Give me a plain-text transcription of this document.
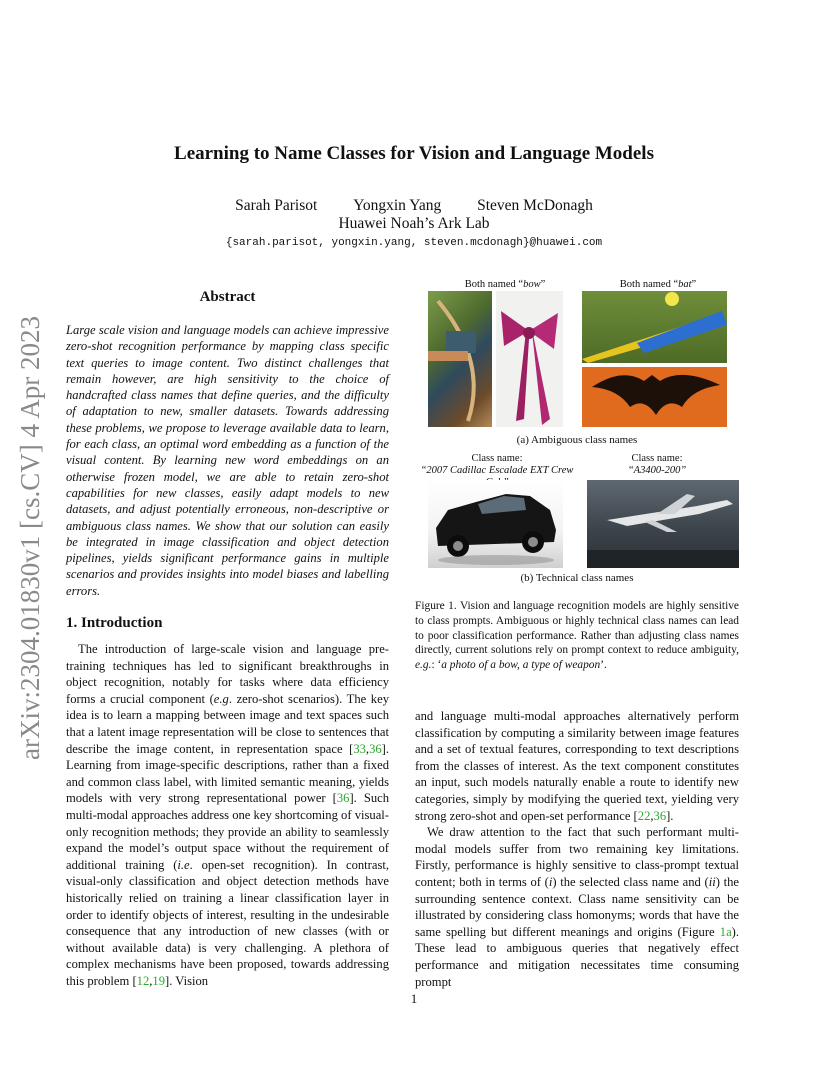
Learning to Name Classes for Vision and Language Models
Sarah Parisot Yongxin Yang Steven McDonagh
Huawei Noah’s Ark Lab
{sarah.parisot, yongxin.yang, steven.mcdonagh}@huawei.com
arXiv:2304.01830v1 [cs.CV] 4 Apr 2023
Abstract
Large scale vision and language models can achieve impressive zero-shot recognition performance by mapping class specific text queries to image content. Two distinct challenges that remain however, are high sensitivity to the choice of handcrafted class names that define queries, and the difficulty of adaptation to new, smaller datasets. Towards addressing these problems, we propose to leverage available data to learn, for each class, an optimal word embedding as a function of the visual content. By learning new word embeddings on an otherwise frozen model, we are able to retain zero-shot capabilities for new classes, easily adapt models to new datasets, and adjust potentially erroneous, non-descriptive or ambiguous class names. We show that our solution can easily be integrated in image classification and object detection pipelines, yields significant performance gains in multiple scenarios and provides insights into model biases and labelling errors.
1. Introduction

The introduction of large-scale vision and language pre-training techniques has led to significant breakthroughs in object recognition, notably for tasks where data efficiency forms a crucial component (e.g. zero-shot scenarios). The key idea is to learn a mapping between image and text spaces such that a latent image representation will be close to sentences that describe the image content, in representation space [33,36]. Learning from image-specific descriptions, rather than a fixed and common class label, with limited semantic meaning, yields models with very strong representational power [36]. Such multi-modal approaches address one key shortcoming of visual-only recognition methods; they provide an ability to seamlessly expand the model’s output space without the requirement of additional training (i.e. open-set recognition). In contrast, visual-only classification and object detection methods have historically relied on training a linear classification layer in order to identify objects of interest, resulting in the undesirable consequence that any introduction of new classes (with or without available data) is very challenging. A plethora of complex mechanisms have been proposed, towards addressing this problem [12,19]. Vision

Both named “bow”	Both named “bat”
(a) Ambiguous class names
Class name:
“2007 Cadillac Escalade EXT Crew
Class name:
“A3400-200”
(b) Technical class names
Figure 1. Vision and language recognition models are highly sensitive to class prompts. Ambiguous or highly technical class names can lead to poor classification performance. Rather than adjusting class names directly, current solutions rely on prompt context to reduce ambiguity, e.g.: ‘a photo of a bow, a type of weapon’.

and language multi-modal approaches alternatively perform classification by computing a similarity between image features and a set of textual features, corresponding to text descriptions from the classes of interest. As the text component constitutes an input, such models naturally enable a route to identify new categories, simply by modifying the queried text, yielding very strong zero-shot and open-set performance [22,36].

We draw attention to the fact that such performant multi-modal models suffer from two remaining key limitations. Firstly, performance is highly sensitive to class-prompt textual content; both in terms of (i) the selected class name and (ii) the surrounding sentence context. Class name sensitivity can be illustrated by considering class homonyms; words that have the same spelling but different meanings and origins (Figure 1a). These lead to ambiguous queries that negatively effect performance and mitigation necessitates time consuming prompt

1
